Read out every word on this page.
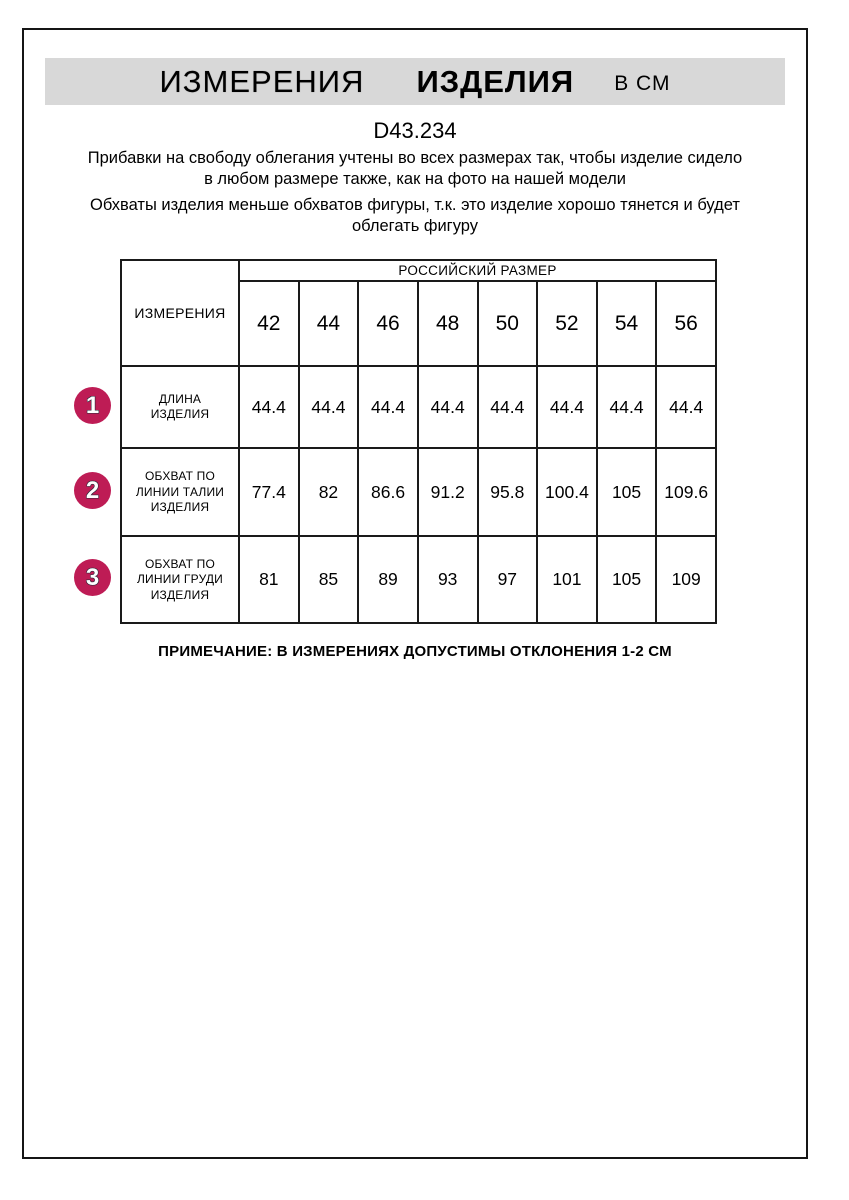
ИЗМЕРЕНИЯ ИЗДЕЛИЯ В СМ
D43.234

Прибавки на свободу облегания учтены во всех размерах так, чтобы изделие сидело в любом размере также, как на фото на нашей модели

Обхваты изделия меньше обхватов фигуры, т.к. это изделие хорошо тянется и будет облегать фигуру

1
2
3
ИЗМЕРЕНИЯ	РОССИЙСКИЙ РАЗМЕР							
	42	44	46	48	50	52	54	56
ДЛИНА ИЗДЕЛИЯ	44.4	44.4	44.4	44.4	44.4	44.4	44.4	44.4
ОБХВАТ ПО ЛИНИИ ТАЛИИ ИЗДЕЛИЯ	77.4	82	86.6	91.2	95.8	100.4	105	109.6
ОБХВАТ ПО ЛИНИИ ГРУДИ ИЗДЕЛИЯ	81	85	89	93	97	101	105	109
ПРИМЕЧАНИЕ: В ИЗМЕРЕНИЯХ ДОПУСТИМЫ ОТКЛОНЕНИЯ 1-2 СМ
